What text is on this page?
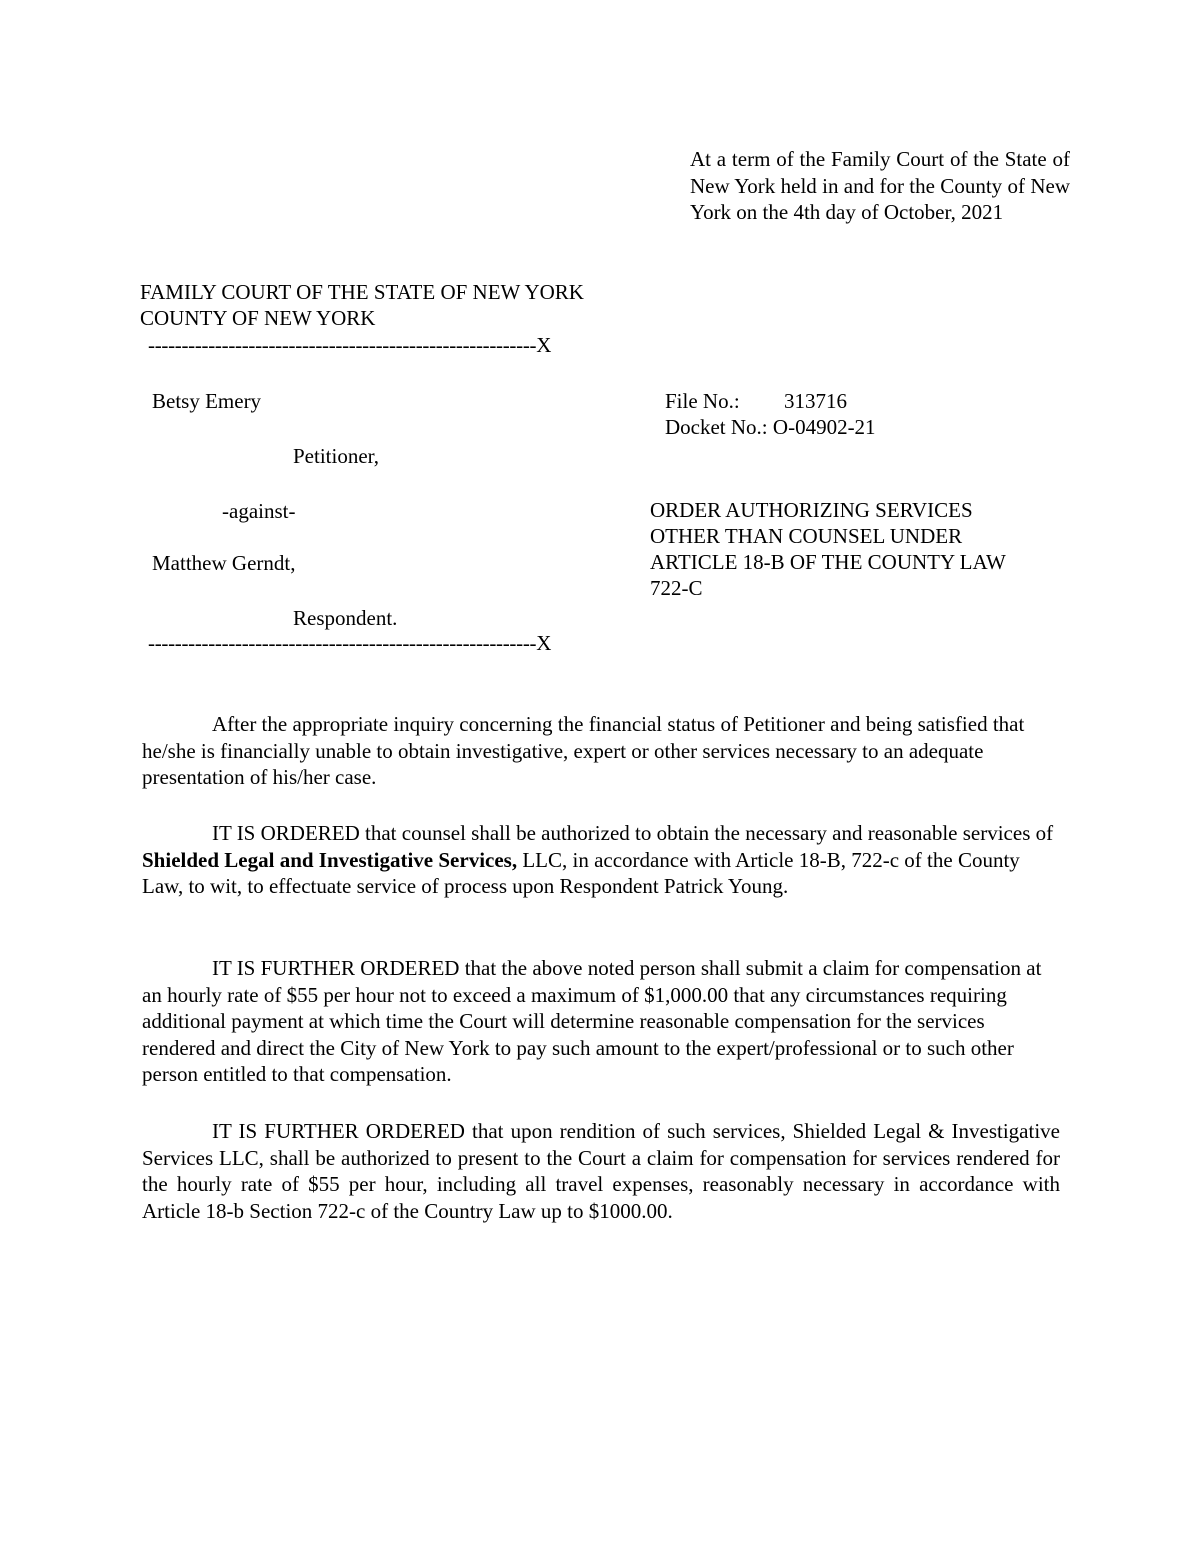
At a term of the Family Court of the State of New York held in and for the County of New York on the 4th day of October, 2021
FAMILY COURT OF THE STATE OF NEW YORK
COUNTY OF NEW YORK
----------------------------------------------------------X
Betsy Emery
Petitioner,
-against-
Matthew Gerndt,
Respondent.
----------------------------------------------------------X
File No.: 313716
Docket No.: O-04902-21
ORDER AUTHORIZING SERVICES
OTHER THAN COUNSEL UNDER
ARTICLE 18-B OF THE COUNTY LAW
722-C
After the appropriate inquiry concerning the financial status of Petitioner and being satisfied that he/she is financially unable to obtain investigative, expert or other services necessary to an adequate presentation of his/her case.
IT IS ORDERED that counsel shall be authorized to obtain the necessary and reasonable services of Shielded Legal and Investigative Services, LLC, in accordance with Article 18-B, 722-c of the County Law, to wit, to effectuate service of process upon Respondent Patrick Young.
IT IS FURTHER ORDERED that the above noted person shall submit a claim for compensation at an hourly rate of $55 per hour not to exceed a maximum of $1,000.00 that any circumstances requiring additional payment at which time the Court will determine reasonable compensation for the services rendered and direct the City of New York to pay such amount to the expert/professional or to such other person entitled to that compensation.
IT IS FURTHER ORDERED that upon rendition of such services, Shielded Legal & Investigative Services LLC, shall be authorized to present to the Court a claim for compensation for services rendered for the hourly rate of $55 per hour, including all travel expenses, reasonably necessary in accordance with Article 18-b Section 722-c of the Country Law up to $1000.00.
